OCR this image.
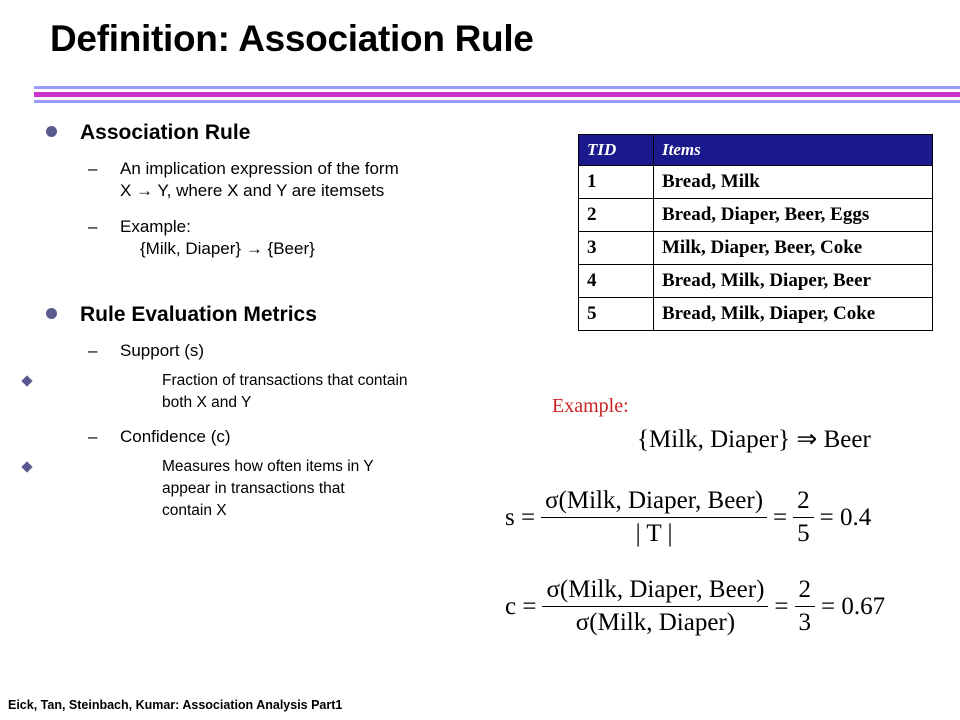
Definition: Association Rule
Association Rule
– An implication expression of the form
X → Y, where X and Y are itemsets
– Example:
{Milk, Diaper} → {Beer}
Rule Evaluation Metrics
– Support (s)
Fraction of transactions that contain
both X and Y
– Confidence (c)
Measures how often items in Y
appear in transactions that
contain X
TID	Items
1	Bread, Milk
2	Bread, Diaper, Beer, Eggs
3	Milk, Diaper, Beer, Coke
4	Bread, Milk, Diaper, Beer
5	Bread, Milk, Diaper, Coke
Example:
{Milk, Diaper} ⇒ Beer
$s = \frac{\text{σ(Milk, Diaper, Beer)}}{| T |} = \frac{2}{5} = 0.4$
$c = \frac{\text{σ(Milk, Diaper, Beer)}}{\text{σ(Milk, Diaper)}} = \frac{2}{3} = 0.67$
Eick, Tan, Steinbach, Kumar: Association Analysis Part1
